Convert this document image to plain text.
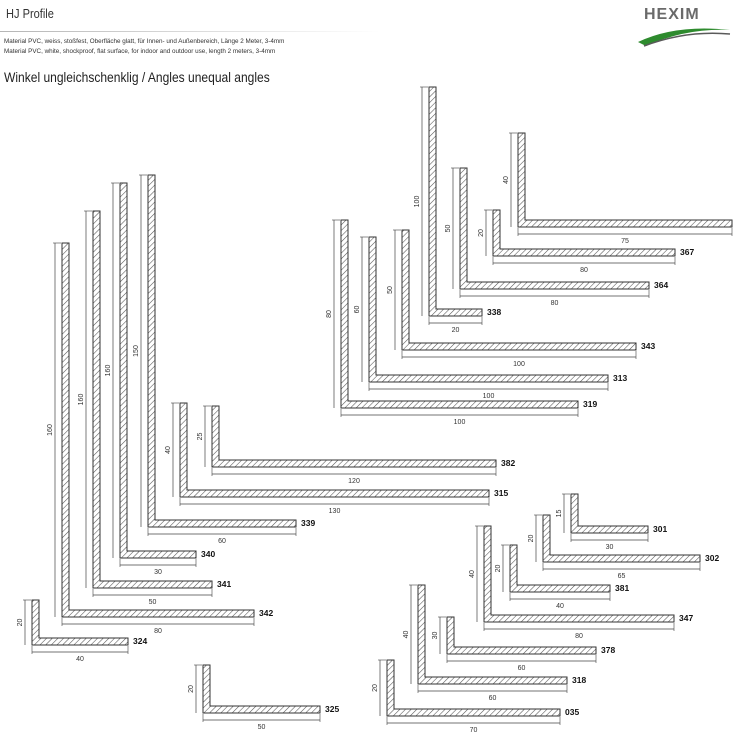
HJ Profile
Material PVC, weiss, stoßfest, Oberfläche glatt, für Innen- und Außenbereich, Länge 2 Meter, 3-4mm
Material PVC, white, shockproof, flat surface, for indoor and outdoor use, length 2 meters, 3-4mm
Winkel ungleichschenklig / Angles unequal angles
HEXIM
75
40
80
20
367
80
50
364
20
100
338
100
50
343
100
60
313
100
80
319
120
25
382
130
40
315
60
150
339
30
160
340
50
160
341
80
160
342
40
20
324
50
20
325
30
15
301
65
20
302
40
20
381
80
40
347
60
30
378
60
40
318
70
20
035
